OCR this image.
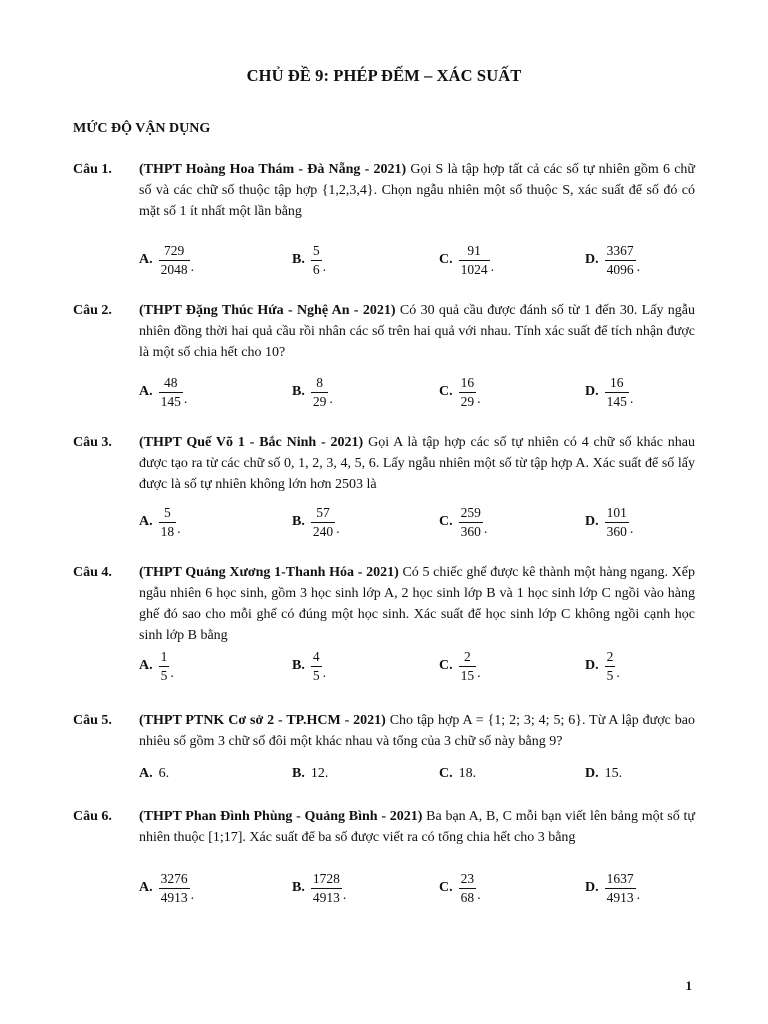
CHỦ ĐỀ 9: PHÉP ĐẾM – XÁC SUẤT
MỨC ĐỘ VẬN DỤNG
Câu 1. (THPT Hoàng Hoa Thám - Đà Nẵng - 2021) Gọi S là tập hợp tất cả các số tự nhiên gồm 6 chữ số và các chữ số thuộc tập hợp {1,2,3,4}. Chọn ngẫu nhiên một số thuộc S, xác suất để số đó có mặt số 1 ít nhất một lần bằng
A. $\frac{729}{2048}$ .
B. $\frac{5}{6}$ .
C. $\frac{91}{1024}$ .
D. $\frac{3367}{4096}$ .
Câu 2. (THPT Đặng Thúc Hứa - Nghệ An - 2021) Có 30 quả cầu được đánh số từ 1 đến 30. Lấy ngẫu nhiên đồng thời hai quả cầu rồi nhân các số trên hai quả với nhau. Tính xác suất để tích nhận được là một số chia hết cho 10?
A. $\frac{48}{145}$ .
B. $\frac{8}{29}$ .
C. $\frac{16}{29}$ .
D. $\frac{16}{145}$ .
Câu 3. (THPT Quế Võ 1 - Bắc Ninh - 2021) Gọi A là tập hợp các số tự nhiên có 4 chữ số khác nhau được tạo ra từ các chữ số 0, 1, 2, 3, 4, 5, 6. Lấy ngẫu nhiên một số từ tập hợp A. Xác suất để số lấy được là số tự nhiên không lớn hơn 2503 là
A. $\frac{5}{18}$ .
B. $\frac{57}{240}$ .
C. $\frac{259}{360}$ .
D. $\frac{101}{360}$ .
Câu 4. (THPT Quảng Xương 1-Thanh Hóa - 2021) Có 5 chiếc ghế được kê thành một hàng ngang. Xếp ngẫu nhiên 6 học sinh, gồm 3 học sinh lớp A, 2 học sinh lớp B và 1 học sinh lớp C ngồi vào hàng ghế đó sao cho mỗi ghế có đúng một học sinh. Xác suất để học sinh lớp C không ngồi cạnh học sinh lớp B bằng
A. $\frac{1}{5}$ .
B. $\frac{4}{5}$ .
C. $\frac{2}{15}$ .
D. $\frac{2}{5}$ .
Câu 5. (THPT PTNK Cơ sở 2 - TP.HCM - 2021) Cho tập hợp A = {1; 2; 3; 4; 5; 6}. Từ A lập được bao nhiêu số gồm 3 chữ số đôi một khác nhau và tổng của 3 chữ số này bằng 9?
A. 6.	B. 12.	C. 18.	D. 15.
Câu 6. (THPT Phan Đình Phùng - Quảng Bình - 2021) Ba bạn A, B, C mỗi bạn viết lên bảng một số tự nhiên thuộc [1;17]. Xác suất để ba số được viết ra có tổng chia hết cho 3 bằng
A. $\frac{3276}{4913}$ .
B. $\frac{1728}{4913}$ .
C. $\frac{23}{68}$ .
D. $\frac{1637}{4913}$ .
1
